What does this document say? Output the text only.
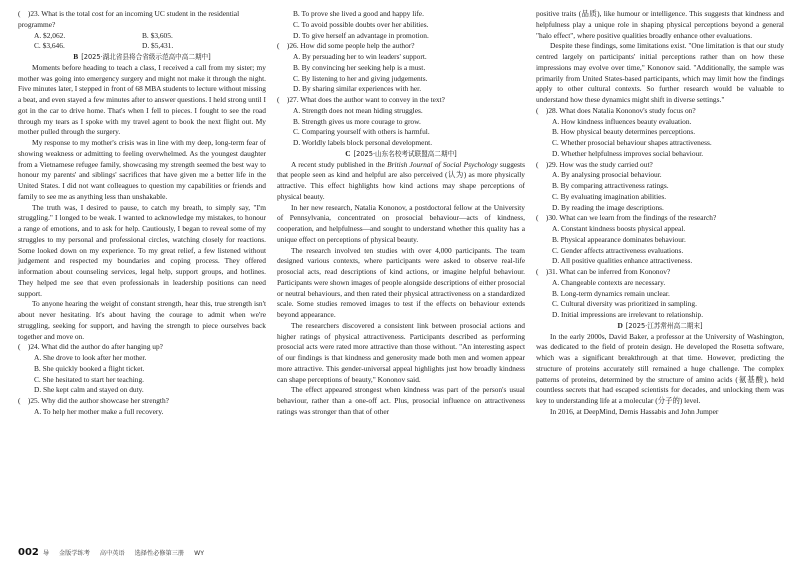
(　)23. What is the total cost for an incoming UC student in the residential programme?
A. $2,062.	B. $3,605.
C. $3,646.	D. $5,431.
B [2025·湖北省县将合省级示范高中高二期中]
Moments before heading to teach a class, I received a call from my sister; my mother was going into emergency surgery and might not make it through the night. Five minutes later, I stepped in front of 68 MBA students to lecture without missing a beat, and even stayed a few minutes after to answer questions. I held strong until I got in the car to drive home. That's when I fell to pieces. I fought to see the road through my tears as I spoke with my travel agent to book the next flight out. My mother pulled through the surgery.
My response to my mother's crisis was in line with my deep, long-term fear of showing weakness or admitting to feeling overwhelmed. As the youngest daughter from a Vietnamese refugee family, showcasing my strength seemed the best way to honour my parents' and siblings' sacrifices that have given me a better life in the United States. I did not want colleagues to question my capabilities or friends and family to see me as anything less than unshakable.
The truth was, I desired to pause, to catch my breath, to simply say, "I'm struggling." I longed to be weak. I wanted to acknowledge my mistakes, to honour a range of emotions, and to ask for help. Cautiously, I began to reveal some of my struggles to my personal and professional circles, watching closely for reactions. Some looked down on my experience. To my great relief, a few listened without judgement and respected my boundaries and coping process. They offered information about counseling services, legal help, support groups, and hotlines. They helped me see that even professionals in leadership positions can need support.
To anyone hearing the weight of constant strength, hear this, true strength isn't about never hesitating. It's about having the courage to admit when we're struggling, seeking for support, and having the strength to piece ourselves back together and move on.
(　)24. What did the author do after hanging up?
A. She drove to look after her mother.
B. She quickly booked a flight ticket.
C. She hesitated to start her teaching.
D. She kept calm and stayed on duty.
(　)25. Why did the author showcase her strength?
A. To help her mother make a full recovery.
B. To prove she lived a good and happy life.
C. To avoid possible doubts over her abilities.
D. To give herself an advantage in promotion.
(　)26. How did some people help the author?
A. By persuading her to win leaders' support.
B. By convincing her seeking help is a must.
C. By listening to her and giving judgements.
D. By sharing similar experiences with her.
(　)27. What does the author want to convey in the text?
A. Strength does not mean hiding struggles.
B. Strength gives us more courage to grow.
C. Comparing yourself with others is harmful.
D. Worldly labels block personal development.
C [2025·山东名校考试联盟高二期中]
A recent study published in the British Journal of Social Psychology suggests that people seen as kind and helpful are also perceived (认为) as more physically attractive. This effect highlights how kind actions may shape perceptions of physical beauty.
In her new research, Natalia Kononov, a postdoctoral fellow at the University of Pennsylvania, concentrated on prosocial behaviour—acts of kindness, cooperation, and helpfulness—and sought to understand whether this quality has a unique effect on perceptions of physical beauty.
The research involved ten studies with over 4,000 participants. The team designed various contexts, where participants were asked to observe real-life prosocial acts, read descriptions of kind actions, or imagine helpful behaviour. Participants were shown images of people alongside descriptions of either prosocial or neutral behaviours, and then rated their physical attractiveness on a standardized scale. Some studies removed images to test if the effects on behaviour extends beyond appearance.
The researchers discovered a consistent link between prosocial actions and higher ratings of physical attractiveness. Participants described as performing prosocial acts were rated more attractive than those without. "An interesting aspect of our findings is that kindness and generosity made both men and women appear more attractive. This gender-universal appeal highlights just how broadly kindness can shape perceptions of beauty," Kononov said.
The effect appeared strongest when kindness was part of the person's usual behaviour, rather than a one-off act. Plus, prosocial influence on attractiveness ratings was stronger than that of other
positive traits (品质), like humour or intelligence. This suggests that kindness and helpfulness play a unique role in shaping physical perceptions beyond a general "halo effect", where positive qualities broadly enhance other evaluations.
Despite these findings, some limitations exist. "One limitation is that our study centred largely on participants' initial perceptions rather than on how these impressions may evolve over time," Kononov said. "Additionally, the sample was primarily from United States-based participants, which may limit how the findings apply to other cultural contexts. So further research would be valuable to understand how these dynamics might shift in diverse settings."
(　)28. What does Natalia Kononov's study focus on?
A. How kindness influences beauty evaluation.
B. How physical beauty determines perceptions.
C. Whether prosocial behaviour shapes attractiveness.
D. Whether helpfulness improves social behaviour.
(　)29. How was the study carried out?
A. By analysing prosocial behaviour.
B. By comparing attractiveness ratings.
C. By evaluating imagination abilities.
D. By reading the image descriptions.
(　)30. What can we learn from the findings of the research?
A. Constant kindness boosts physical appeal.
B. Physical appearance dominates behaviour.
C. Gender affects attractiveness evaluations.
D. All positive qualities enhance attractiveness.
(　)31. What can be inferred from Kononov?
A. Changeable contexts are necessary.
B. Long-term dynamics remain unclear.
C. Cultural diversity was prioritized in sampling.
D. Initial impressions are irrelevant to relationship.
D [2025·江苏常州高二期末]
In the early 2000s, David Baker, a professor at the University of Washington, was dedicated to the field of protein design. He developed the Rosetta software, which was a significant breakthrough at that time. However, predicting the structure of proteins accurately still remained a huge challenge. The complex patterns of proteins, determined by the structure of amino acids (氨基酸), held countless secrets that had escaped scientists for decades, and unlocking them was key to understanding life at a molecular (分子的) level.
In 2016, at DeepMind, Demis Hassabis and John Jumper
002 导 金版学练考 高中英语 选择性必修第三册 WY
